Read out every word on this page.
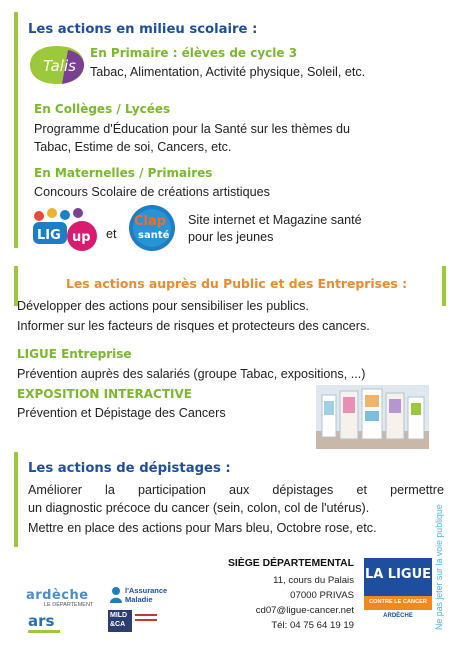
Les actions en milieu scolaire :
Talis
En Primaire : élèves de cycle 3
Tabac, Alimentation, Activité physique, Soleil, etc.
En Collèges / Lycées
Programme d'Éducation pour la Santé sur les thèmes du
Tabac, Estime de soi, Cancers, etc.
En Maternelles / Primaires
Concours Scolaire de créations artistiques
LIG up et
Clap
santé
Site internet et Magazine santé
pour les jeunes
Les actions auprès du Public et des Entreprises :
Développer des actions pour sensibiliser les publics.
Informer sur les facteurs de risques et protecteurs des cancers.
LIGUE Entreprise
Prévention auprès des salariés (groupe Tabac, expositions, ...)
EXPOSITION INTERACTIVE
Prévention et Dépistage des Cancers
Les actions de dépistages :
Améliorer la participation aux dépistages et permettre
un diagnostic précoce du cancer (sein, colon, col de l'utérus).
Mettre en place des actions pour Mars bleu, Octobre rose, etc.
ardèche
LE DÉPARTEMENT
ars
l'Assurance
Maladie
MILD
&CA
SIÈGE DÉPARTEMENTAL
11, cours du Palais
07000 PRIVAS
cd07@ligue-cancer.net
Tél: 04 75 64 19 19
LA LIGUE
CONTRE LE CANCER
ARDÈCHE	Ne pas jeter sur la voie publique
